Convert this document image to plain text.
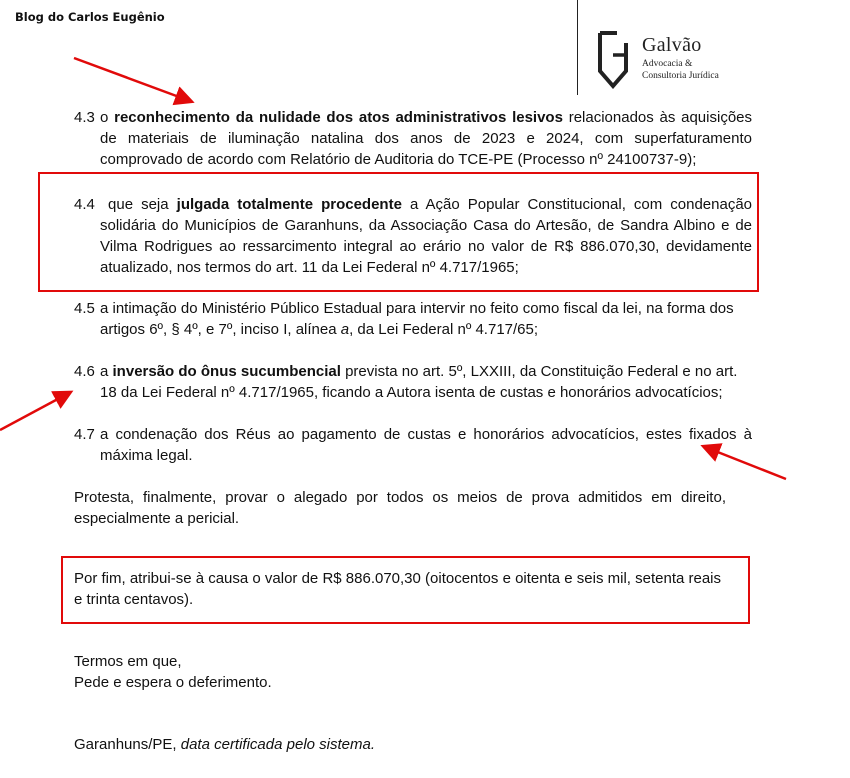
Blog do Carlos Eugênio
Galvão
Advocacia &
Consultoria Jurídica
4.3 o reconhecimento da nulidade dos atos administrativos lesivos relacionados às aquisições de materiais de iluminação natalina dos anos de 2023 e 2024, com superfaturamento comprovado de acordo com Relatório de Auditoria do TCE-PE (Processo nº 24100737-9);
4.4 que seja julgada totalmente procedente a Ação Popular Constitucional, com condenação solidária do Municípios de Garanhuns, da Associação Casa do Artesão, de Sandra Albino e de Vilma Rodrigues ao ressarcimento integral ao erário no valor de R$ 886.070,30, devidamente atualizado, nos termos do art. 11 da Lei Federal nº 4.717/1965;
4.5 a intimação do Ministério Público Estadual para intervir no feito como fiscal da lei, na forma dos artigos 6º, § 4º, e 7º, inciso I, alínea a, da Lei Federal nº 4.717/65;
4.6 a inversão do ônus sucumbencial prevista no art. 5º, LXXIII, da Constituição Federal e no art. 18 da Lei Federal nº 4.717/1965, ficando a Autora isenta de custas e honorários advocatícios;
4.7 a condenação dos Réus ao pagamento de custas e honorários advocatícios, estes fixados à máxima legal.
Protesta, finalmente, provar o alegado por todos os meios de prova admitidos em direito, especialmente a pericial.
Por fim, atribui-se à causa o valor de R$ 886.070,30 (oitocentos e oitenta e seis mil, setenta reais e trinta centavos).
Termos em que,
Pede e espera o deferimento.
Garanhuns/PE, data certificada pelo sistema.
